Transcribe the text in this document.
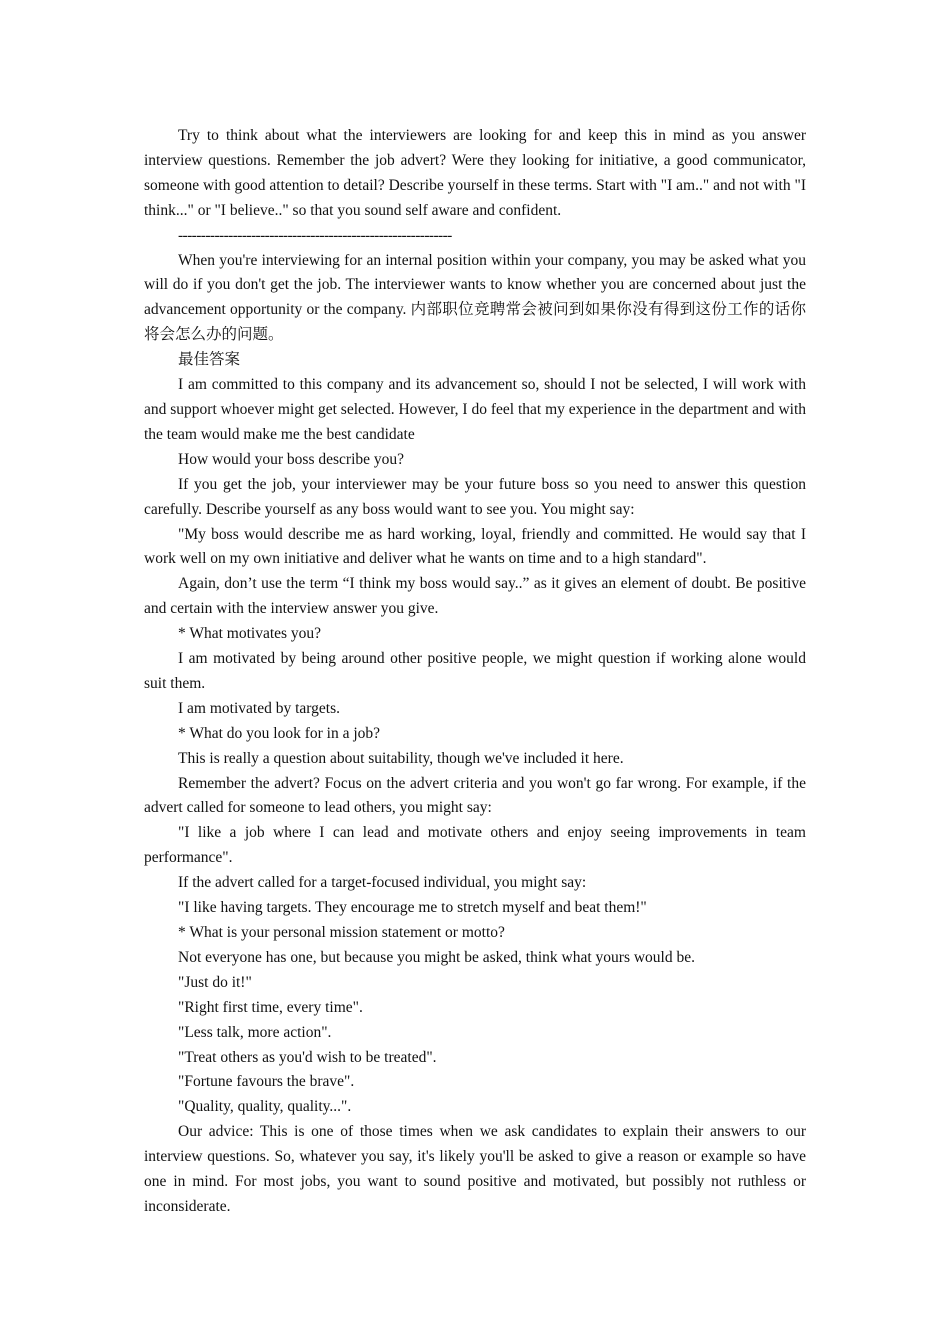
Try to think about what the interviewers are looking for and keep this in mind as you answer interview questions. Remember the job advert? Were they looking for initiative, a good communicator, someone with good attention to detail? Describe yourself in these terms. Start with "I am.." and not with "I think..." or "I believe.." so that you sound self aware and confident.

------------------------------------------------------------

When you're interviewing for an internal position within your company, you may be asked what you will do if you don't get the job. The interviewer wants to know whether you are concerned about just the advancement opportunity or the company. 内部职位竞聘常会被问到如果你没有得到这份工作的话你将会怎么办的问题。

最佳答案

I am committed to this company and its advancement so, should I not be selected, I will work with and support whoever might get selected. However, I do feel that my experience in the department and with the team would make me the best candidate

How would your boss describe you?

If you get the job, your interviewer may be your future boss so you need to answer this question carefully. Describe yourself as any boss would want to see you. You might say:

"My boss would describe me as hard working, loyal, friendly and committed. He would say that I work well on my own initiative and deliver what he wants on time and to a high standard".

Again, don’t use the term “I think my boss would say..” as it gives an element of doubt. Be positive and certain with the interview answer you give.

* What motivates you?

I am motivated by being around other positive people, we might question if working alone would suit them.

I am motivated by targets.

* What do you look for in a job?

This is really a question about suitability, though we've included it here.

Remember the advert? Focus on the advert criteria and you won't go far wrong. For example, if the advert called for someone to lead others, you might say:

"I like a job where I can lead and motivate others and enjoy seeing improvements in team performance".

If the advert called for a target-focused individual, you might say:

"I like having targets. They encourage me to stretch myself and beat them!"

* What is your personal mission statement or motto?

Not everyone has one, but because you might be asked, think what yours would be.

"Just do it!"

"Right first time, every time".

"Less talk, more action".

"Treat others as you'd wish to be treated".

"Fortune favours the brave".

"Quality, quality, quality...".

Our advice: This is one of those times when we ask candidates to explain their answers to our interview questions. So, whatever you say, it's likely you'll be asked to give a reason or example so have one in mind. For most jobs, you want to sound positive and motivated, but possibly not ruthless or inconsiderate.
